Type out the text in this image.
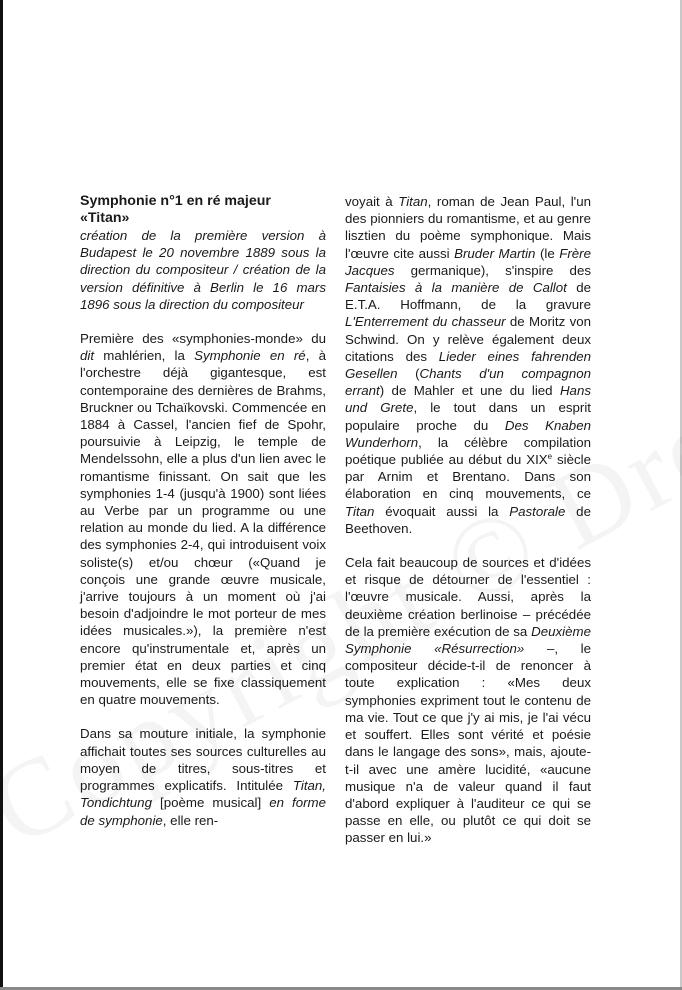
Symphonie n°1 en ré majeur
«Titan»
création de la première version à Budapest le 20 novembre 1889 sous la direction du compositeur / création de la version définitive à Berlin le 16 mars 1896 sous la direction du compositeur

Première des «symphonies-monde» du dit mahlérien, la Symphonie en ré, à l'orchestre déjà gigantesque, est contemporaine des dernières de Brahms, Bruckner ou Tchaïkovski. Commencée en 1884 à Cassel, l'ancien fief de Spohr, poursuivie à Leipzig, le temple de Mendelssohn, elle a plus d'un lien avec le romantisme finissant. On sait que les symphonies 1-4 (jusqu'à 1900) sont liées au Verbe par un programme ou une relation au monde du lied. A la différence des symphonies 2-4, qui introduisent voix soliste(s) et/ou chœur («Quand je conçois une grande œuvre musicale, j'arrive toujours à un moment où j'ai besoin d'adjoindre le mot porteur de mes idées musicales.»), la première n'est encore qu'instrumentale et, après un premier état en deux parties et cinq mouvements, elle se fixe classiquement en quatre mouvements.

Dans sa mouture initiale, la symphonie affichait toutes ses sources culturelles au moyen de titres, sous-titres et programmes explicatifs. Intitulée Titan, Tondichtung [poème musical] en forme de symphonie, elle ren-

voyait à Titan, roman de Jean Paul, l'un des pionniers du romantisme, et au genre lisztien du poème symphonique. Mais l'œuvre cite aussi Bruder Martin (le Frère Jacques germanique), s'inspire des Fantaisies à la manière de Callot de E.T.A. Hoffmann, de la gravure L'Enterrement du chasseur de Moritz von Schwind. On y relève également deux citations des Lieder eines fahrenden Gesellen (Chants d'un compagnon errant) de Mahler et une du lied Hans und Grete, le tout dans un esprit populaire proche du Des Knaben Wunderhorn, la célèbre compilation poétique publiée au début du XIXe siècle par Arnim et Brentano. Dans son élaboration en cinq mouvements, ce Titan évoquait aussi la Pastorale de Beethoven.

Cela fait beaucoup de sources et d'idées et risque de détourner de l'essentiel : l'œuvre musicale. Aussi, après la deuxième création berlinoise – précédée de la première exécution de sa Deuxième Symphonie «Résurrection» –, le compositeur décide-t-il de renoncer à toute explication : «Mes deux symphonies expriment tout le contenu de ma vie. Tout ce que j'y ai mis, je l'ai vécu et souffert. Elles sont vérité et poésie dans le langage des sons», mais, ajoute-t-il avec une amère lucidité, «aucune musique n'a de valeur quand il faut d'abord expliquer à l'auditeur ce qui se passe en elle, ou plutôt ce qui doit se passer en lui.»
